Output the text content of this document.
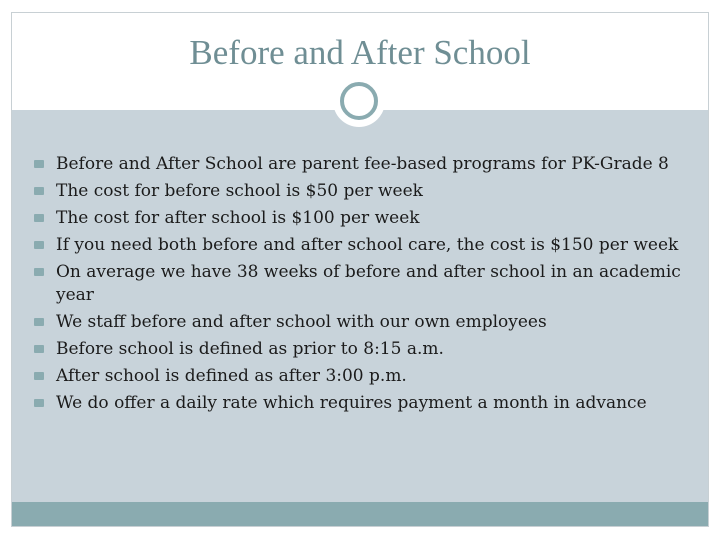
Before and After School
Before and After School are parent fee-based programs for PK-Grade 8
The cost for before school is $50 per week
The cost for after school is $100 per week
If you need both before and after school care, the cost is $150 per week
On average we have 38 weeks of before and after school in an academic year
We staff before and after school with our own employees
Before school is defined as prior to 8:15 a.m.
After school is defined as after 3:00 p.m.
We do offer a daily rate which requires payment a month in advance
